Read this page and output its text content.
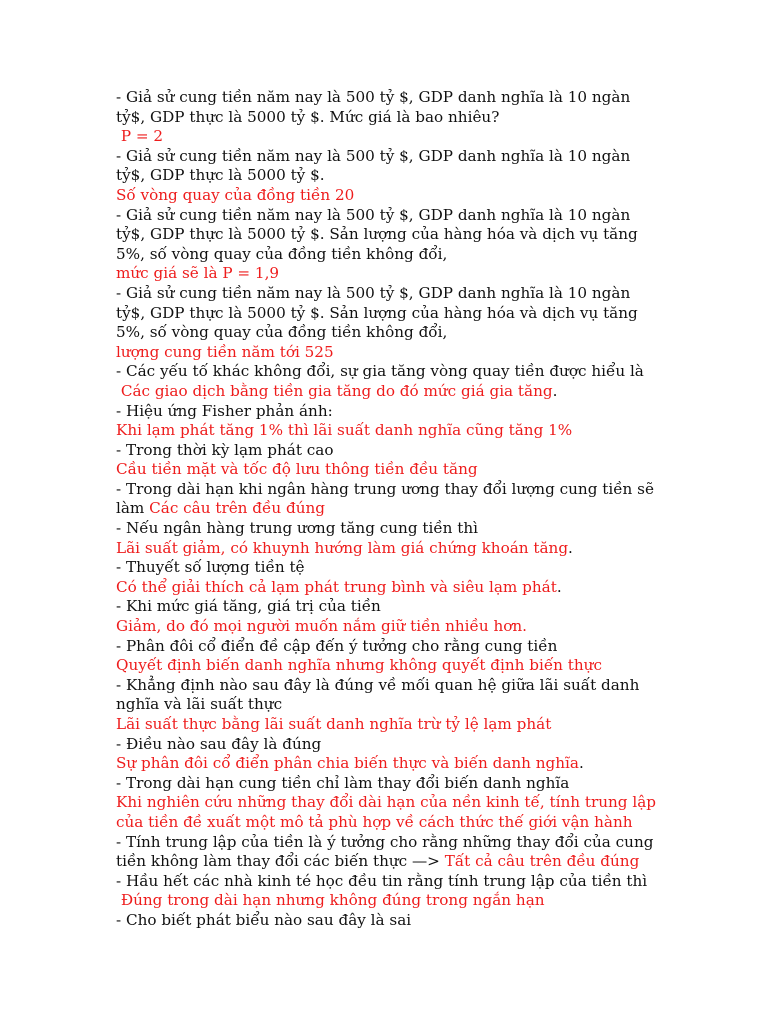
- Giả sử cung tiền năm nay là 500 tỷ $, GDP danh nghĩa là 10 ngàn tỷ$, GDP thực là 5000 tỷ $. Mức giá là bao nhiêu?
P = 2
- Giả sử cung tiền năm nay là 500 tỷ $, GDP danh nghĩa là 10 ngàn tỷ$, GDP thực là 5000 tỷ $.
Số vòng quay của đồng tiền 20
- Giả sử cung tiền năm nay là 500 tỷ $, GDP danh nghĩa là 10 ngàn tỷ$, GDP thực là 5000 tỷ $. Sản lượng của hàng hóa và dịch vụ tăng 5%, số vòng quay của đồng tiền không đổi,
mức giá sẽ là P = 1,9
- Giả sử cung tiền năm nay là 500 tỷ $, GDP danh nghĩa là 10 ngàn tỷ$, GDP thực là 5000 tỷ $. Sản lượng của hàng hóa và dịch vụ tăng 5%, số vòng quay của đồng tiền không đổi,
lượng cung tiền năm tới 525
- Các yếu tố khác không đổi, sự gia tăng vòng quay tiền được hiểu là
Các giao dịch bằng tiền gia tăng do đó mức giá gia tăng.
- Hiệu ứng Fisher phản ánh:
Khi lạm phát tăng 1% thì lãi suất danh nghĩa cũng tăng 1%
- Trong thời kỳ lạm phát cao
Cầu tiền mặt và tốc độ lưu thông tiền đều tăng
- Trong dài hạn khi ngân hàng trung ương thay đổi lượng cung tiền sẽ làm Các câu trên đều đúng
- Nếu ngân hàng trung ương tăng cung tiền thì
Lãi suất giảm, có khuynh hướng làm giá chứng khoán tăng.
- Thuyết số lượng tiền tệ
Có thể giải thích cả lạm phát trung bình và siêu lạm phát.
- Khi mức giá tăng, giá trị của tiền
Giảm, do đó mọi người muốn nắm giữ tiền nhiều hơn.
- Phân đôi cổ điển đề cập đến ý tưởng cho rằng cung tiền
Quyết định biến danh nghĩa nhưng không quyết định biến thực
- Khẳng định nào sau đây là đúng về mối quan hệ giữa lãi suất danh nghĩa và lãi suất thực
Lãi suất thực bằng lãi suất danh nghĩa trừ tỷ lệ lạm phát
- Điều nào sau đây là đúng
Sự phân đôi cổ điển phân chia biến thực và biến danh nghĩa.
- Trong dài hạn cung tiền chỉ làm thay đổi biến danh nghĩa
Khi nghiên cứu những thay đổi dài hạn của nền kinh tế, tính trung lập của tiền đề xuất một mô tả phù hợp về cách thức thế giới vận hành
- Tính trung lập của tiền là ý tưởng cho rằng những thay đổi của cung tiền không làm thay đổi các biến thực —> Tất cả câu trên đều đúng
- Hầu hết các nhà kinh té học đều tin rằng tính trung lập của tiền thì
Đúng trong dài hạn nhưng không đúng trong ngắn hạn
- Cho biết phát biểu nào sau đây là sai
